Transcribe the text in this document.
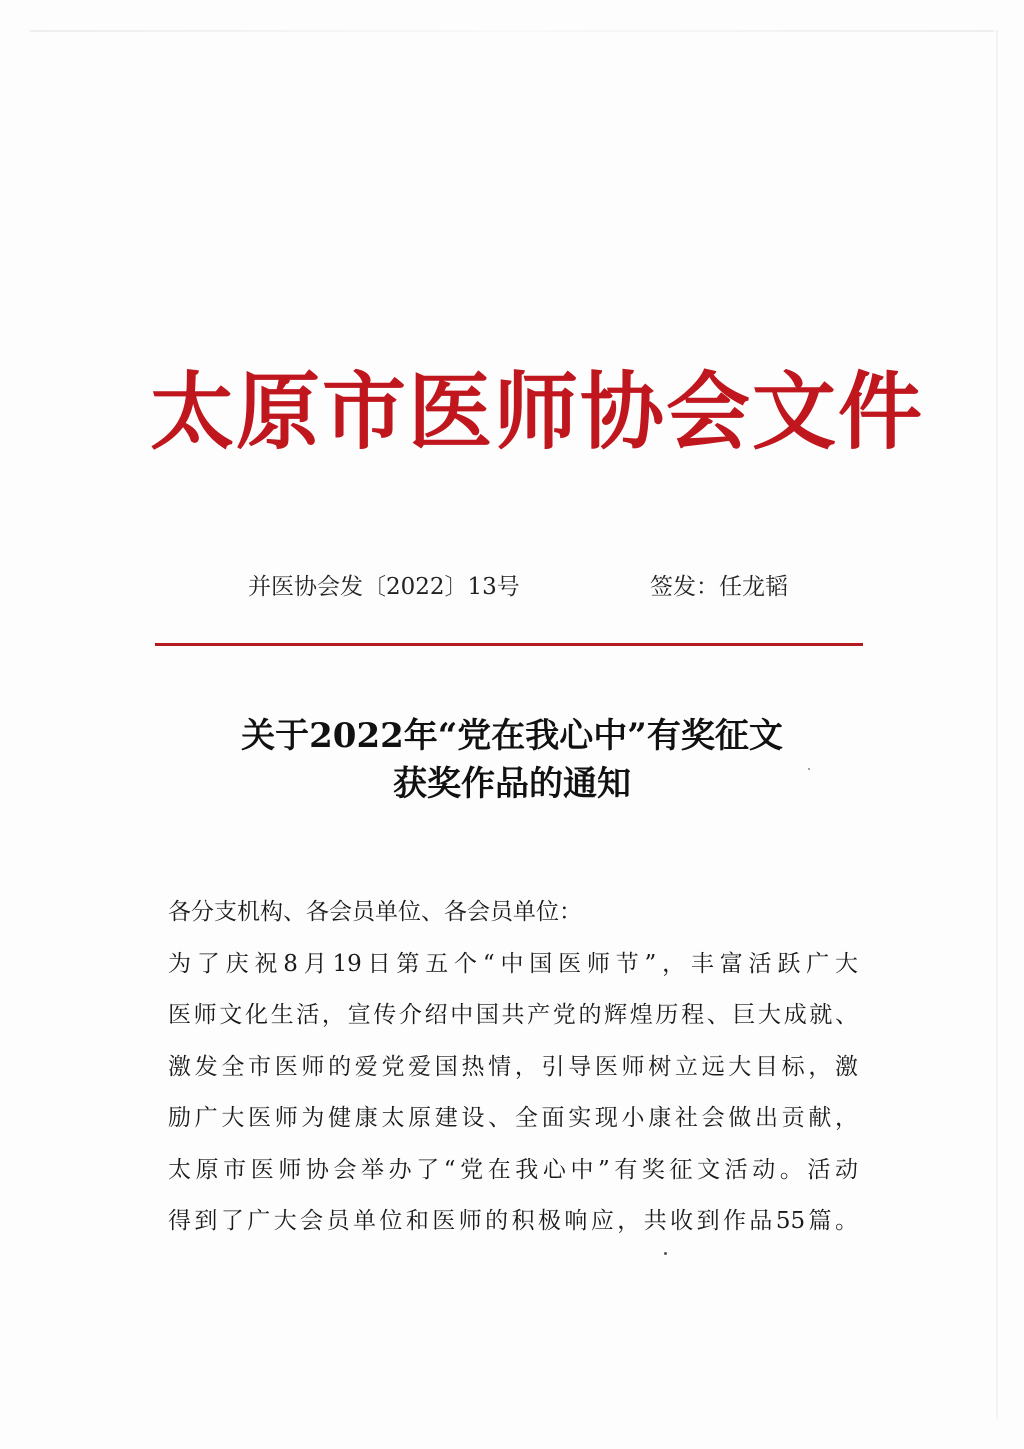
太原市医师协会文件
并医协会发〔2022〕13号	签发：任龙韬
关于2022年“党在我心中”有奖征文
获奖作品的通知
各分支机构、各会员单位、各会员单位：
为了庆祝8月19日第五个“中国医师节”，丰富活跃广大
医师文化生活，宣传介绍中国共产党的辉煌历程、巨大成就、
激发全市医师的爱党爱国热情，引导医师树立远大目标，激
励广大医师为健康太原建设、全面实现小康社会做出贡献，
太原市医师协会举办了“党在我心中”有奖征文活动。活动
得到了广大会员单位和医师的积极响应，共收到作品55篇。
